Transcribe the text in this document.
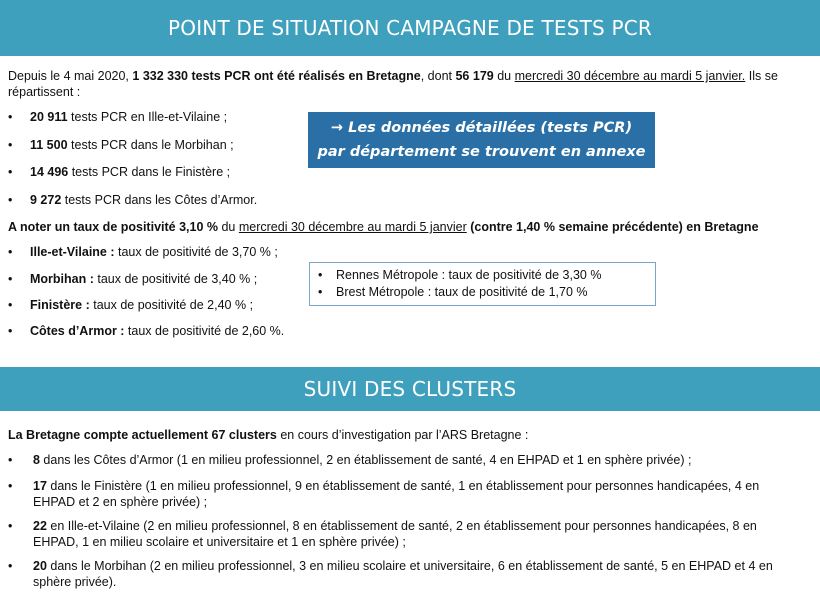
POINT DE SITUATION CAMPAGNE DE TESTS PCR
Depuis le 4 mai 2020, 1 332 330 tests PCR ont été réalisés en Bretagne, dont 56 179 du mercredi 30 décembre au mardi 5 janvier. Ils se répartissent :
• 20 911 tests PCR en Ille-et-Vilaine ;
• 11 500 tests PCR dans le Morbihan ;
• 14 496 tests PCR dans le Finistère ;
• 9 272 tests PCR dans les Côtes d’Armor.
→ Les données détaillées (tests PCR)
par département se trouvent en annexe
A noter un taux de positivité 3,10 % du mercredi 30 décembre au mardi 5 janvier (contre 1,40 % semaine précédente) en Bretagne
• Ille-et-Vilaine : taux de positivité de 3,70 % ;
• Morbihan : taux de positivité de 3,40 % ;
• Finistère : taux de positivité de 2,40 % ;
• Côtes d’Armor : taux de positivité de 2,60 %.
• Rennes Métropole : taux de positivité de 3,30 %
• Brest Métropole : taux de positivité de 1,70 %
SUIVI DES CLUSTERS
La Bretagne compte actuellement 67 clusters en cours d’investigation par l’ARS Bretagne :
• 8 dans les Côtes d’Armor (1 en milieu professionnel, 2 en établissement de santé, 4 en EHPAD et 1 en sphère privée) ;
• 17 dans le Finistère (1 en milieu professionnel, 9 en établissement de santé, 1 en établissement pour personnes handicapées, 4 en EHPAD et 2 en sphère privée) ;
• 22 en Ille-et-Vilaine (2 en milieu professionnel, 8 en établissement de santé, 2 en établissement pour personnes handicapées, 8 en EHPAD, 1 en milieu scolaire et universitaire et 1 en sphère privée) ;
• 20 dans le Morbihan (2 en milieu professionnel, 3 en milieu scolaire et universitaire, 6 en établissement de santé, 5 en EHPAD et 4 en sphère privée).
